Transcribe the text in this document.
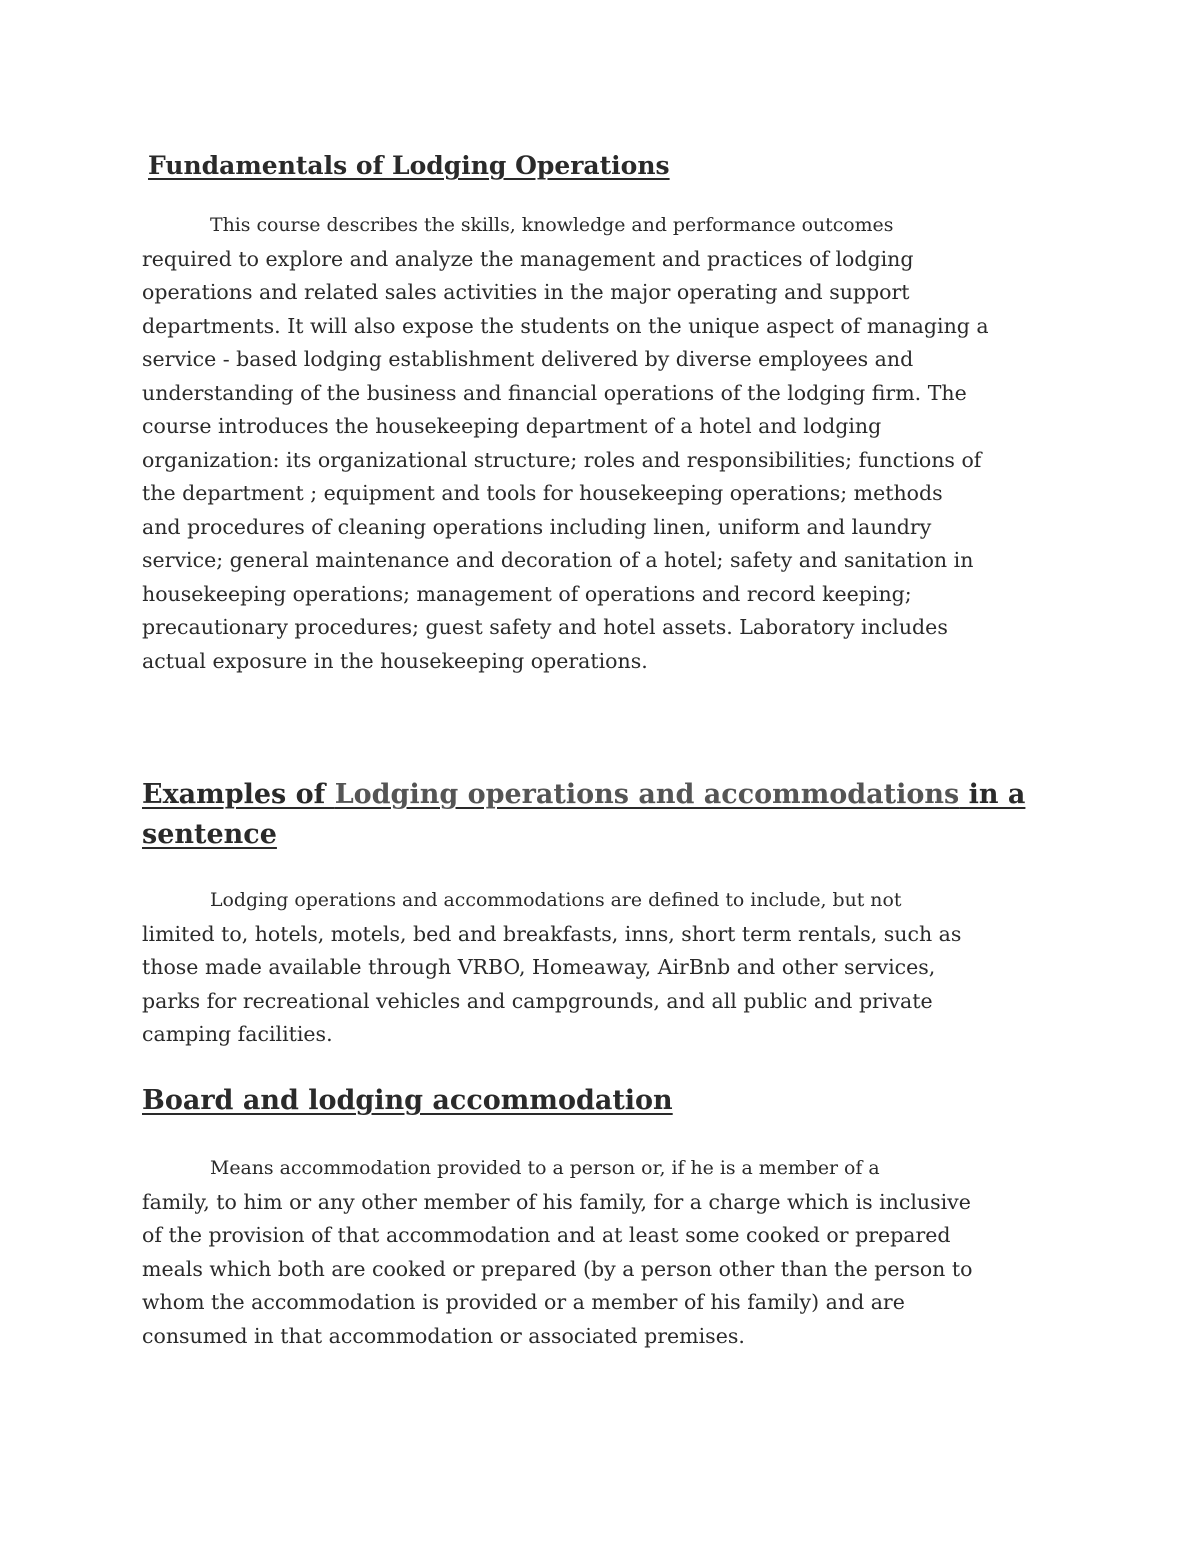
Fundamentals of Lodging Operations
This course describes the skills, knowledge and performance outcomes
required to explore and analyze the management and practices of lodging
operations and related sales activities in the major operating and support
departments. It will also expose the students on the unique aspect of managing a
service - based lodging establishment delivered by diverse employees and
understanding of the business and financial operations of the lodging firm. The
course introduces the housekeeping department of a hotel and lodging
organization: its organizational structure; roles and responsibilities; functions of
the department ; equipment and tools for housekeeping operations; methods
and procedures of cleaning operations including linen, uniform and laundry
service; general maintenance and decoration of a hotel; safety and sanitation in
housekeeping operations; management of operations and record keeping;
precautionary procedures; guest safety and hotel assets. Laboratory includes
actual exposure in the housekeeping operations.
Examples of Lodging operations and accommodations in a
sentence
Lodging operations and accommodations are defined to include, but not
limited to, hotels, motels, bed and breakfasts, inns, short term rentals, such as
those made available through VRBO, Homeaway, AirBnb and other services,
parks for recreational vehicles and campgrounds, and all public and private
camping facilities.
Board and lodging accommodation
Means accommodation provided to a person or, if he is a member of a
family, to him or any other member of his family, for a charge which is inclusive
of the provision of that accommodation and at least some cooked or prepared
meals which both are cooked or prepared (by a person other than the person to
whom the accommodation is provided or a member of his family) and are
consumed in that accommodation or associated premises.
